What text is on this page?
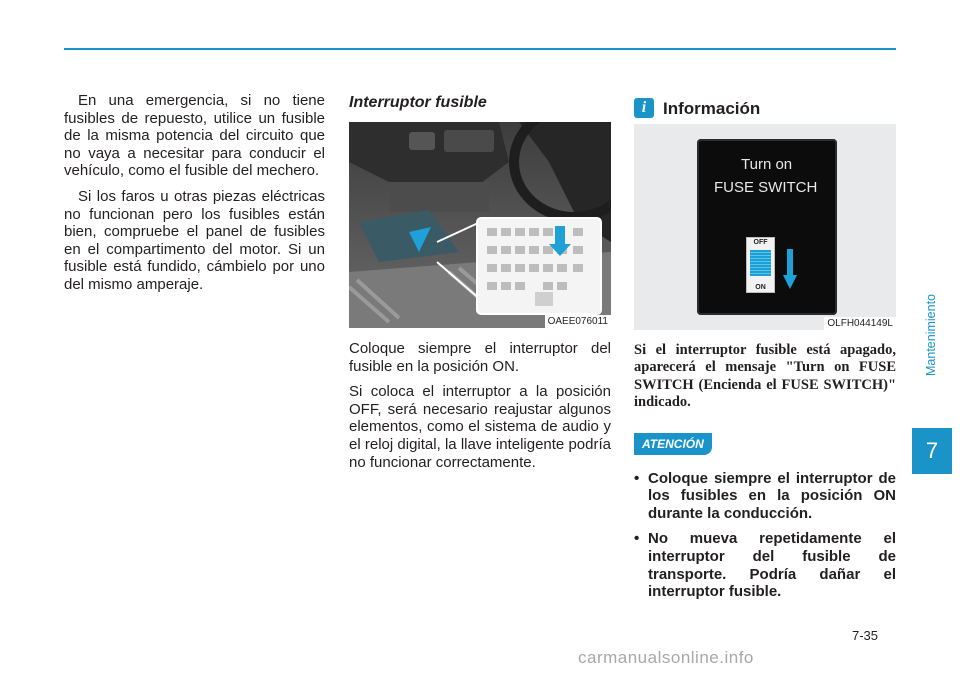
En una emergencia, si no tiene fusibles de repuesto, utilice un fusible de la misma potencia del circuito que no vaya a necesitar para conducir el vehículo, como el fusible del mechero.

Si los faros u otras piezas eléctricas no funcionan pero los fusibles están bien, compruebe el panel de fusibles en el compartimento del motor. Si un fusible está fundido, cámbielo por uno del mismo amperaje.

Interruptor fusible
OAEE076011

Coloque siempre el interruptor del fusible en la posición ON.

Si coloca el interruptor a la posición OFF, será necesario reajustar algunos elementos, como el sistema de audio y el reloj digital, la llave inteligente podría no funcionar correctamente.

i Información
Turn on
FUSE SWITCH
OFF
ON
OLFH044149L

Si el interruptor fusible está apagado, aparecerá el mensaje "Turn on FUSE SWITCH (Encienda el FUSE SWITCH)" indicado.

ATENCIÓN
• Coloque siempre el interruptor de los fusibles en la posición ON durante la conducción.
• No mueva repetidamente el interruptor del fusible de transporte. Podría dañar el interruptor fusible.
Mantenimiento
7
7-35
carmanualsonline.info
